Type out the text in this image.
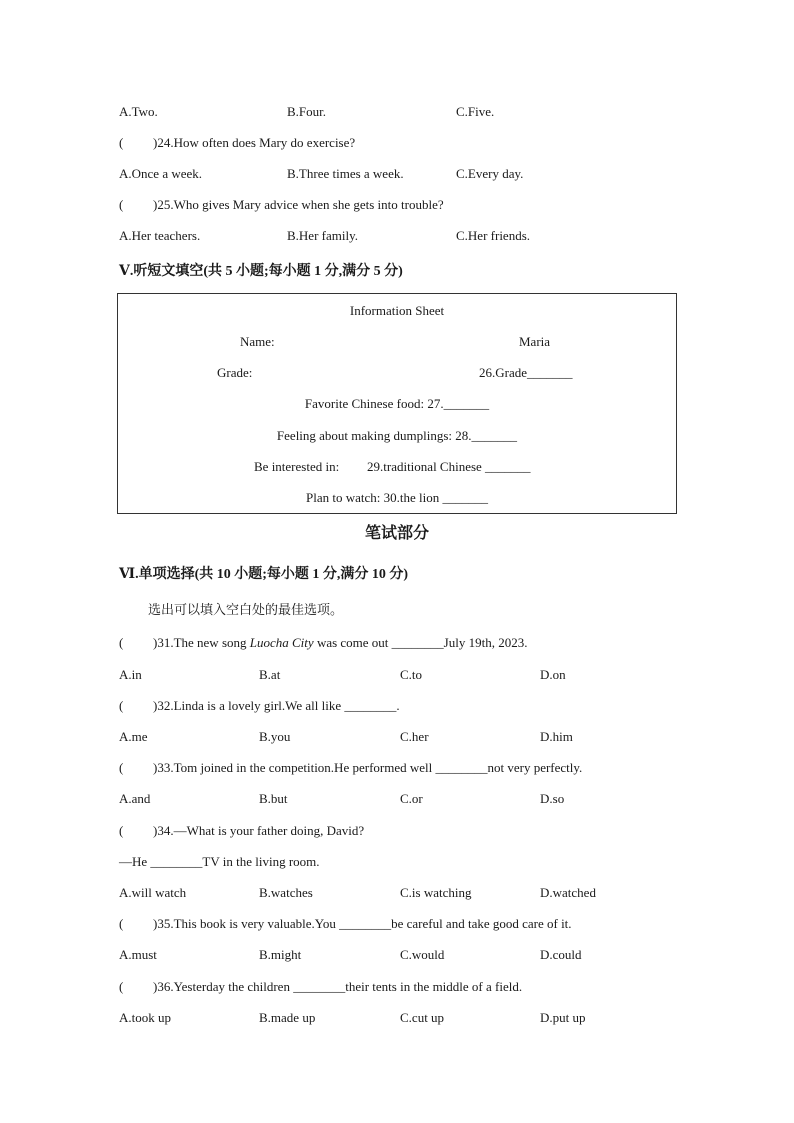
A.Two.	B.Four.	C.Five.
( )24.How often does Mary do exercise?
A.Once a week.	B.Three times a week.	C.Every day.
( )25.Who gives Mary advice when she gets into trouble?
A.Her teachers.	B.Her family.	C.Her friends.
Ⅴ.听短文填空(共 5 小题;每小题 1 分,满分 5 分)
Information Sheet
Name:	Maria
Grade:	26.Grade_______
Favorite Chinese food: 27._______
Feeling about making dumplings: 28._______
Be interested in: 29.traditional Chinese _______
Plan to watch: 30.the lion _______
笔试部分
Ⅵ.单项选择(共 10 小题;每小题 1 分,满分 10 分)
选出可以填入空白处的最佳选项。
( )31.The new song Luocha City was come out ________July 19th, 2023.
A.in	B.at	C.to	D.on
( )32.Linda is a lovely girl.We all like ________.
A.me	B.you	C.her	D.him
( )33.Tom joined in the competition.He performed well ________not very perfectly.
A.and	B.but	C.or	D.so
( )34.—What is your father doing, David?
—He ________TV in the living room.
A.will watch	B.watches	C.is watching	D.watched
( )35.This book is very valuable.You ________be careful and take good care of it.
A.must	B.might	C.would	D.could
( )36.Yesterday the children ________their tents in the middle of a field.
A.took up	B.made up	C.cut up	D.put up
